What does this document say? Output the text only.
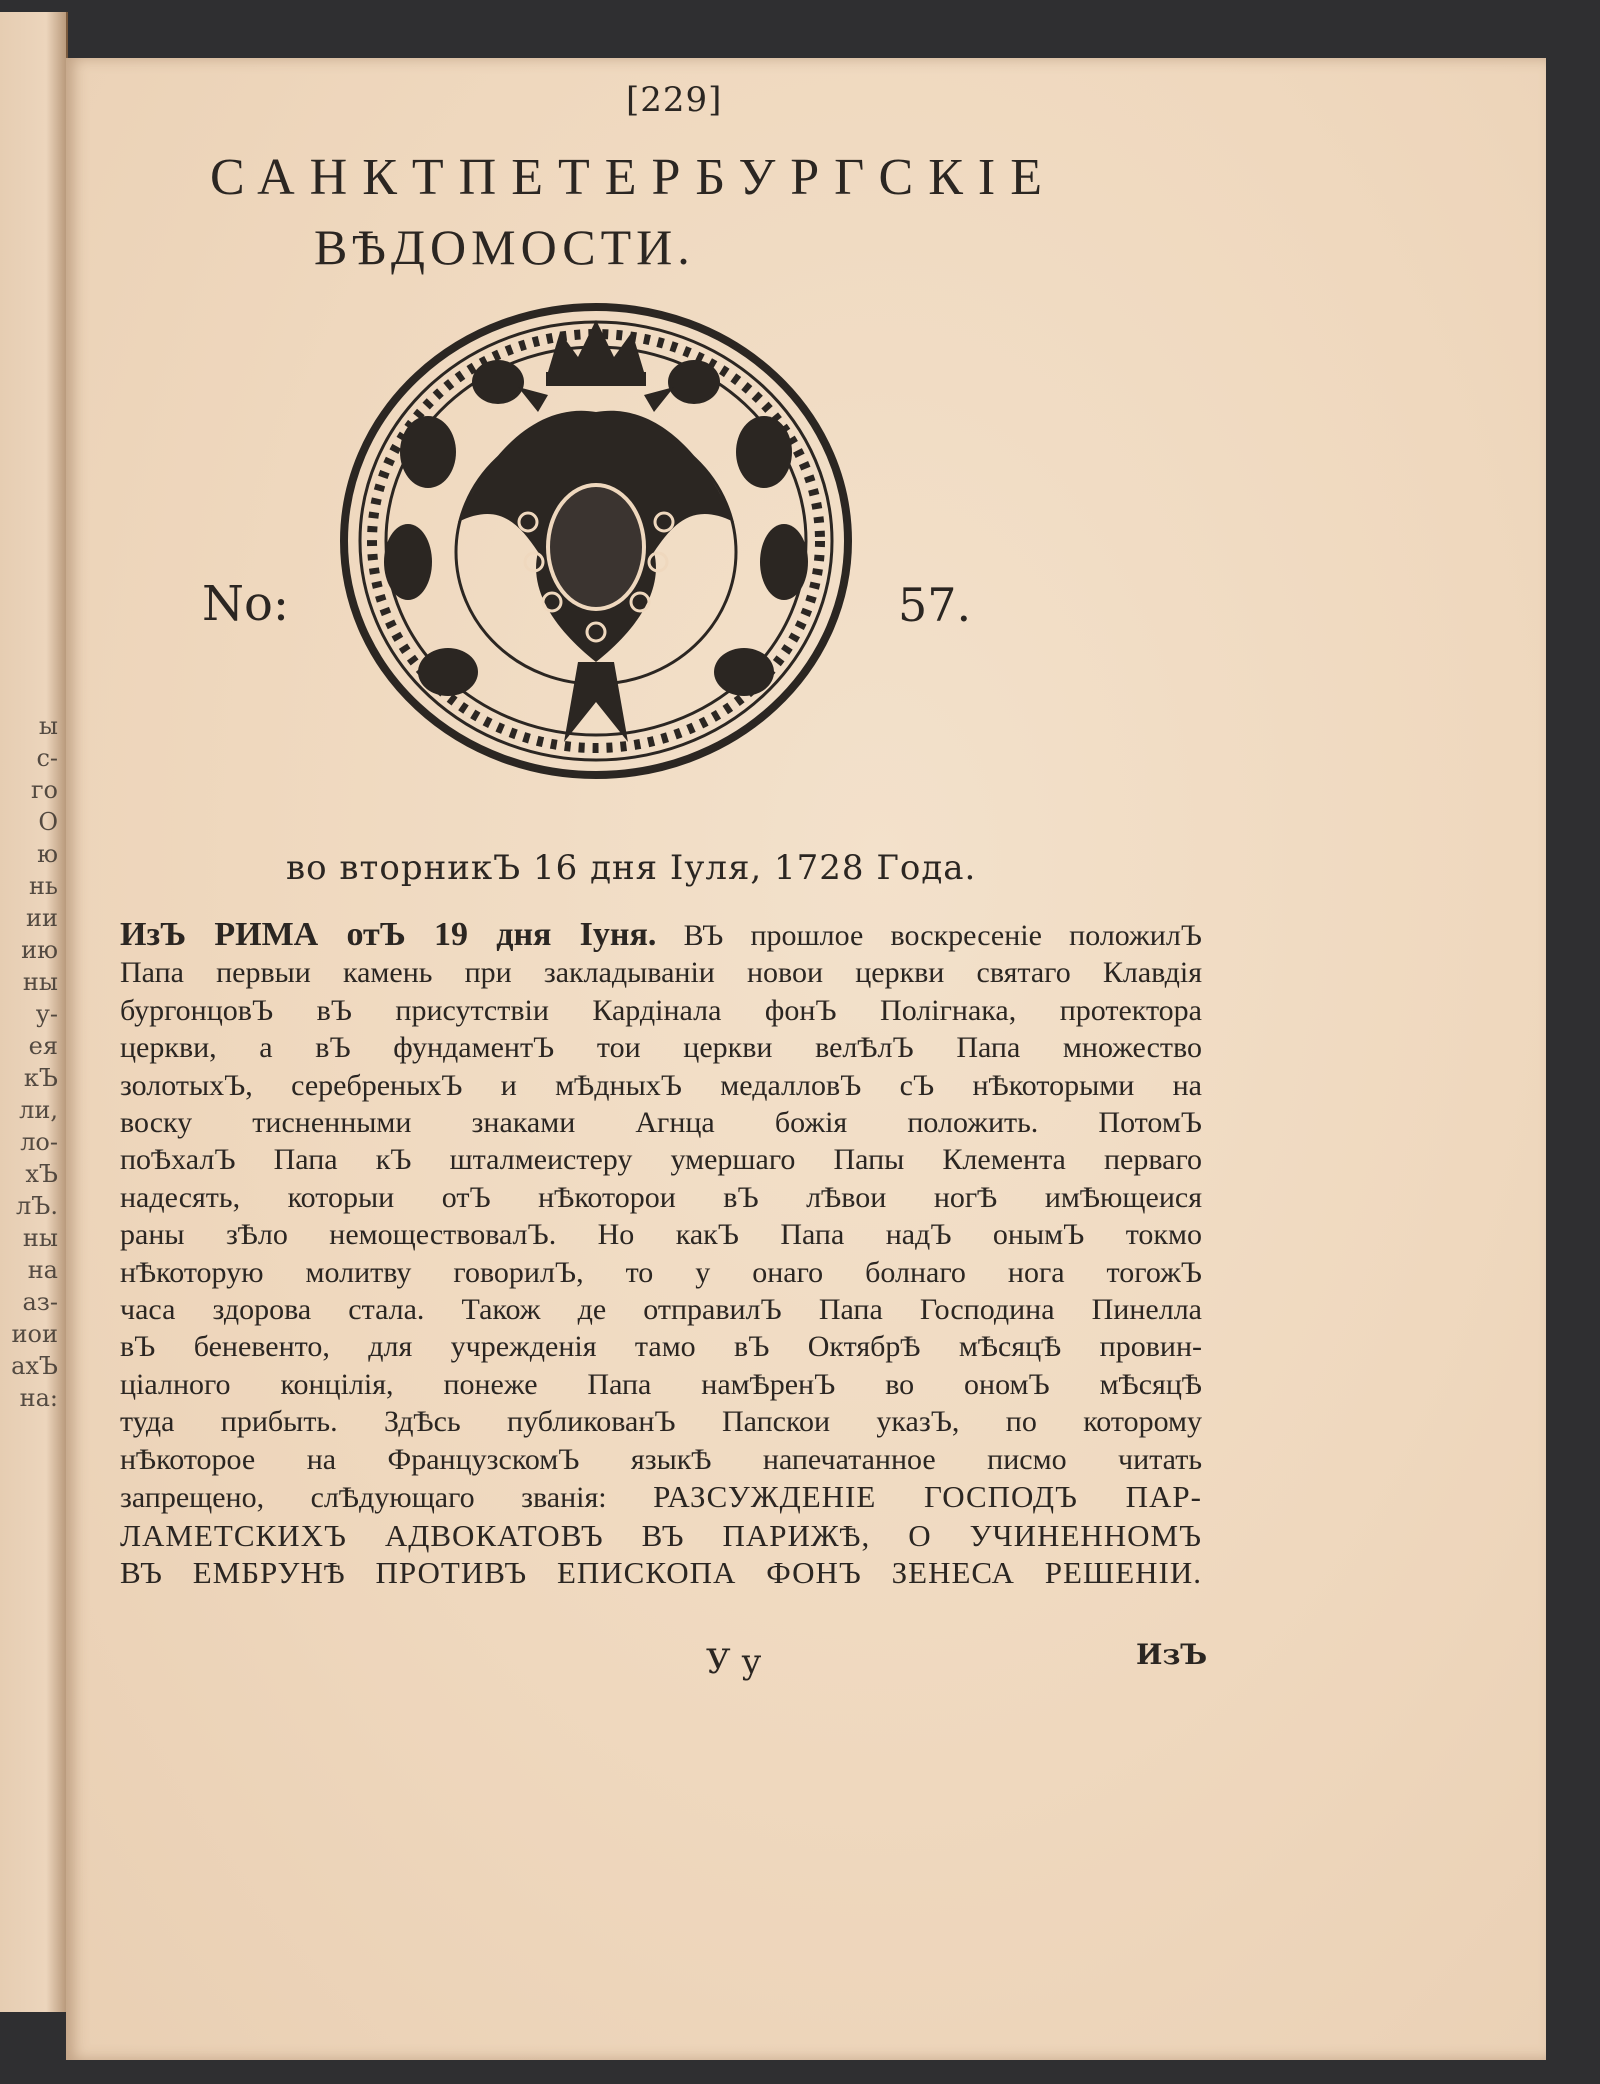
ы
с-
го
О
ю
нь
ии
ию
ны
у-
ея
кЪ
ли,
ло-
хЪ
лЪ.
ны
на
аз-
иои
ахЪ
на:
[229]
САНКТПЕТЕРБУРГСКІЕ
ВѢДОМОСТИ.
No:	57.
во вторникЪ 16 дня Іуля, 1728 Года.
ИзЪ РИМА отЪ 19 дня Іуня. ВЪ прошлое воскресеніе положилЪ
Папа первыи камень при закладываніи новои церкви святаго Клавдія
бургонцовЪ вЪ присутствіи Кардінала фонЪ Полігнака, протектора
церкви, а вЪ фундаментЪ тои церкви велѢлЪ Папа множество
золотыхЪ, серебреныхЪ и мѢдныхЪ медалловЪ сЪ нѢкоторыми на
воску тисненными знаками Агнца божія положить. ПотомЪ
поѢхалЪ Папа кЪ шталмеистеру умершаго Папы Клемента перваго
надесять, которыи отЪ нѢкоторои вЪ лѢвои ногѢ имѢющеися
раны зѢло немоществовалЪ. Но какЪ Папа надЪ онымЪ токмо
нѢкоторую молитву говорилЪ, то у онаго болнаго нога тогожЪ
часа здорова стала. Також де отправилЪ Папа Господина Пинелла
вЪ беневенто, для учрежденія тамо вЪ ОктябрѢ мѢсяцѢ провин-
ціалного концілія, понеже Папа намѢренЪ во ономЪ мѢсяцѢ
туда прибыть. ЗдѢсь публикованЪ Папскои указЪ, по которому
нѢкоторое на ФранцузскомЪ языкѢ напечатанное писмо читать
запрещено, слѢдующаго званія: РАЗСУЖДЕНІЕ ГОСПОДЪ ПАР-
ЛАМЕТСКИХЪ АДВОКАТОВЪ ВЪ ПАРИЖѢ, О УЧИНЕННОМЪ
ВЪ ЕМБРУНѢ ПРОТИВЪ ЕПИСКОПА ФОНЪ ЗЕНЕСА РЕШЕНІИ.
У у	ИзЪ
